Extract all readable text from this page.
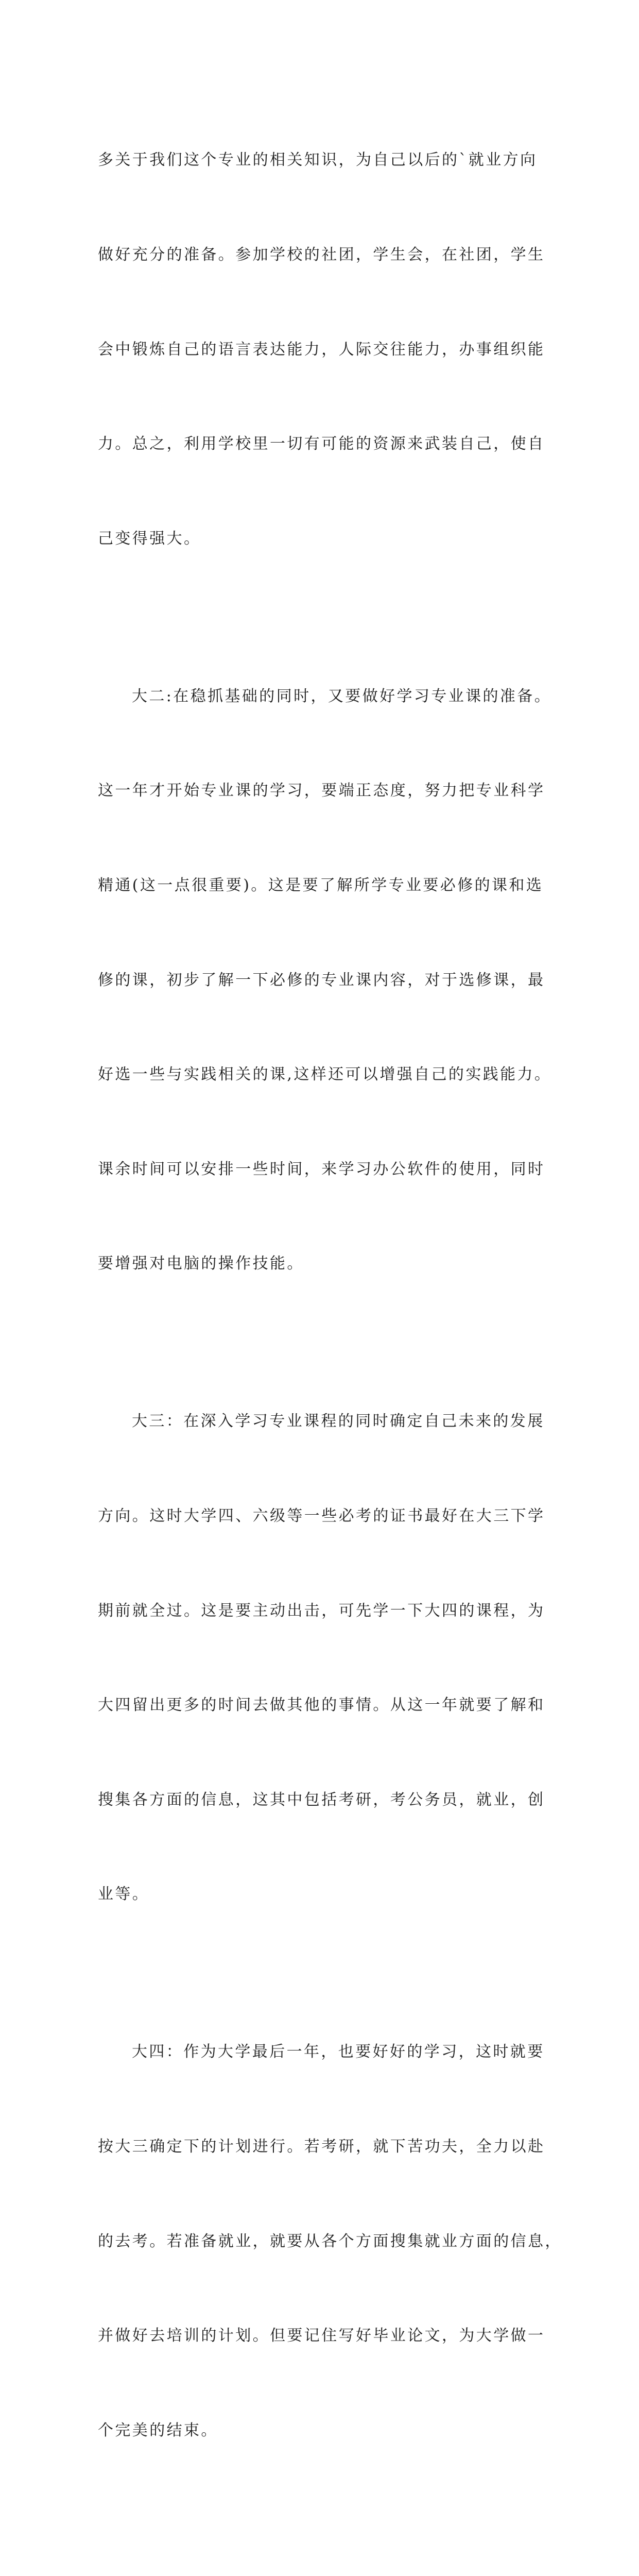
多关于我们这个专业的相关知识，为自己以后的`就业方向

做好充分的准备。参加学校的社团，学生会，在社团，学生

会中锻炼自己的语言表达能力，人际交往能力，办事组织能

力。总之，利用学校里一切有可能的资源来武装自己，使自

己变得强大。

大二:在稳抓基础的同时，又要做好学习专业课的准备。

这一年才开始专业课的学习，要端正态度，努力把专业科学

精通(这一点很重要)。这是要了解所学专业要必修的课和选

修的课，初步了解一下必修的专业课内容，对于选修课，最

好选一些与实践相关的课,这样还可以增强自己的实践能力。

课余时间可以安排一些时间，来学习办公软件的使用，同时

要增强对电脑的操作技能。

大三：在深入学习专业课程的同时确定自己未来的发展

方向。这时大学四、六级等一些必考的证书最好在大三下学

期前就全过。这是要主动出击，可先学一下大四的课程，为

大四留出更多的时间去做其他的事情。从这一年就要了解和

搜集各方面的信息，这其中包括考研，考公务员，就业，创

业等。

大四：作为大学最后一年，也要好好的学习，这时就要

按大三确定下的计划进行。若考研，就下苦功夫，全力以赴

的去考。若准备就业，就要从各个方面搜集就业方面的信息，

并做好去培训的计划。但要记住写好毕业论文，为大学做一

个完美的结束。
